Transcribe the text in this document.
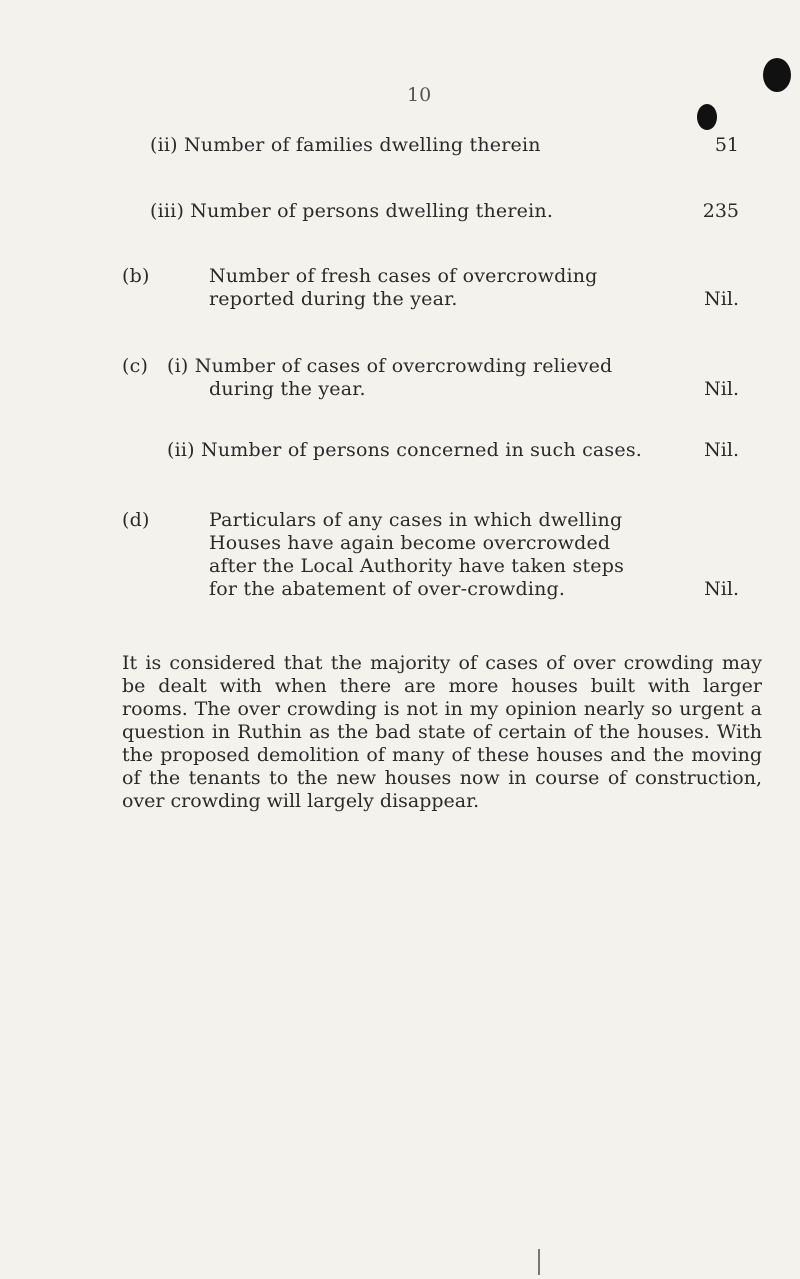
10
(ii) Number of families dwelling therein	51
(iii) Number of persons dwelling therein.	235
(b)	Number of fresh cases of overcrowding
reported during the year.	Nil.
(c) (i) Number of cases of overcrowding relieved
during the year.	Nil.
(ii) Number of persons concerned in such cases.	Nil.
(d)	Particulars of any cases in which dwelling
Houses have again become overcrowded
after the Local Authority have taken steps
for the abatement of over-crowding.	Nil.
It is considered that the majority of cases of over crowding may be dealt with when there are more houses built with larger rooms. The over crowding is not in my opinion nearly so urgent a question in Ruthin as the bad state of certain of the houses. With the proposed demolition of many of these houses and the moving of the tenants to the new houses now in course of construction, over crowding will largely disappear.
